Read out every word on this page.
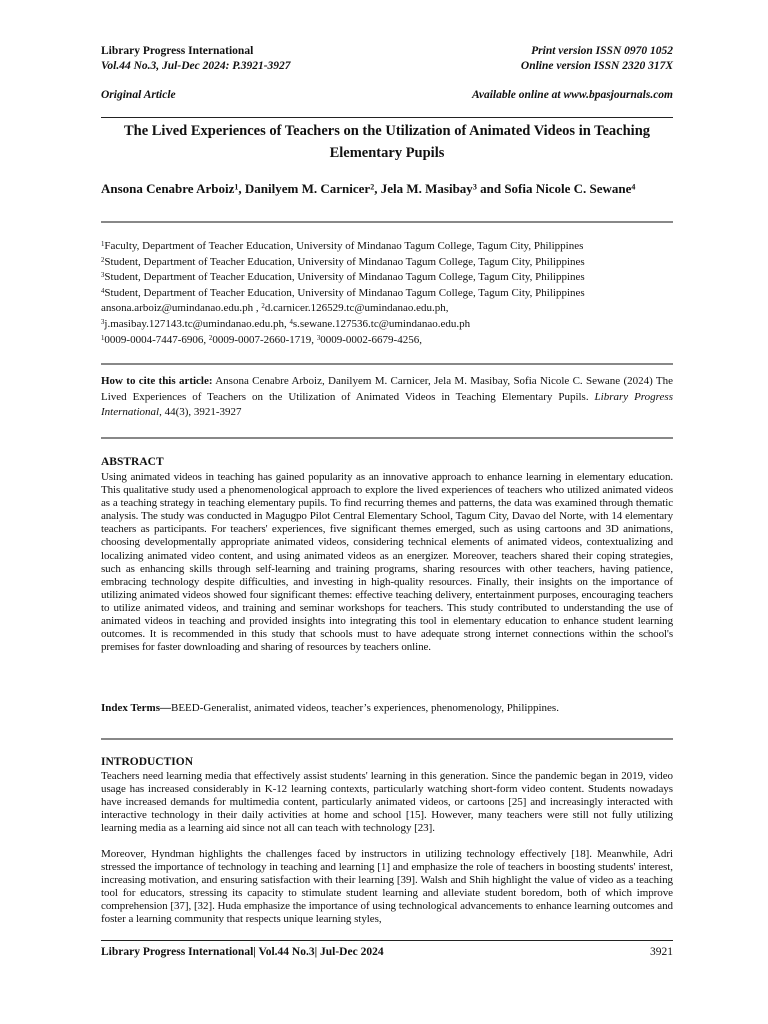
Library Progress International
Vol.44 No.3, Jul-Dec 2024: P.3921-3927
Print version ISSN 0970 1052
Online version ISSN 2320 317X
Original Article	Available online at www.bpasjournals.com
The Lived Experiences of Teachers on the Utilization of Animated Videos in Teaching Elementary Pupils
Ansona Cenabre Arboiz$^1$, Danilyem M. Carnicer$^2$, Jela M. Masibay$^3$ and Sofia Nicole C. Sewane$^4$
$^1$Faculty, Department of Teacher Education, University of Mindanao Tagum College, Tagum City, Philippines
$^2$Student, Department of Teacher Education, University of Mindanao Tagum College, Tagum City, Philippines
$^3$Student, Department of Teacher Education, University of Mindanao Tagum College, Tagum City, Philippines
$^4$Student, Department of Teacher Education, University of Mindanao Tagum College, Tagum City, Philippines
ansona.arboiz@umindanao.edu.ph , $^2$d.carnicer.126529.tc@umindanao.edu.ph,
$^3$j.masibay.127143.tc@umindanao.edu.ph, $^4$s.sewane.127536.tc@umindanao.edu.ph
$^1$0009-0004-7447-6906, $^2$0009-0007-2660-1719, $^3$0009-0002-6679-4256,
How to cite this article: Ansona Cenabre Arboiz, Danilyem M. Carnicer, Jela M. Masibay, Sofia Nicole C. Sewane (2024) The Lived Experiences of Teachers on the Utilization of Animated Videos in Teaching Elementary Pupils. Library Progress International, 44(3), 3921-3927
ABSTRACT

Using animated videos in teaching has gained popularity as an innovative approach to enhance learning in elementary education. This qualitative study used a phenomenological approach to explore the lived experiences of teachers who utilized animated videos as a teaching strategy in teaching elementary pupils. To find recurring themes and patterns, the data was examined through thematic analysis. The study was conducted in Magugpo Pilot Central Elementary School, Tagum City, Davao del Norte, with 14 elementary teachers as participants. For teachers' experiences, five significant themes emerged, such as using cartoons and 3D animations, choosing developmentally appropriate animated videos, considering technical elements of animated videos, contextualizing and localizing animated video content, and using animated videos as an energizer. Moreover, teachers shared their coping strategies, such as enhancing skills through self-learning and training programs, sharing resources with other teachers, having patience, embracing technology despite difficulties, and investing in high-quality resources. Finally, their insights on the importance of utilizing animated videos showed four significant themes: effective teaching delivery, entertainment purposes, encouraging teachers to utilize animated videos, and training and seminar workshops for teachers. This study contributed to understanding the use of animated videos in teaching and provided insights into integrating this tool in elementary education to enhance student learning outcomes. It is recommended in this study that schools must to have adequate strong internet connections within the school's premises for faster downloading and sharing of resources by teachers online.

Index Terms—BEED-Generalist, animated videos, teacher’s experiences, phenomenology, Philippines.
INTRODUCTION

Teachers need learning media that effectively assist students' learning in this generation. Since the pandemic began in 2019, video usage has increased considerably in K-12 learning contexts, particularly watching short-form video content. Students nowadays have increased demands for multimedia content, particularly animated videos, or cartoons [25] and increasingly interacted with interactive technology in their daily activities at home and school [15]. However, many teachers were still not fully utilizing learning media as a learning aid since not all can teach with technology [23].

Moreover, Hyndman highlights the challenges faced by instructors in utilizing technology effectively [18]. Meanwhile, Adri stressed the importance of technology in teaching and learning [1] and emphasize the role of teachers in boosting students' interest, increasing motivation, and ensuring satisfaction with their learning [39]. Walsh and Shih highlight the value of video as a teaching tool for educators, stressing its capacity to stimulate student learning and alleviate student boredom, both of which improve comprehension [37], [32]. Huda emphasize the importance of using technological advancements to enhance learning outcomes and foster a learning community that respects unique learning styles,

Library Progress International| Vol.44 No.3| Jul-Dec 2024	3921
